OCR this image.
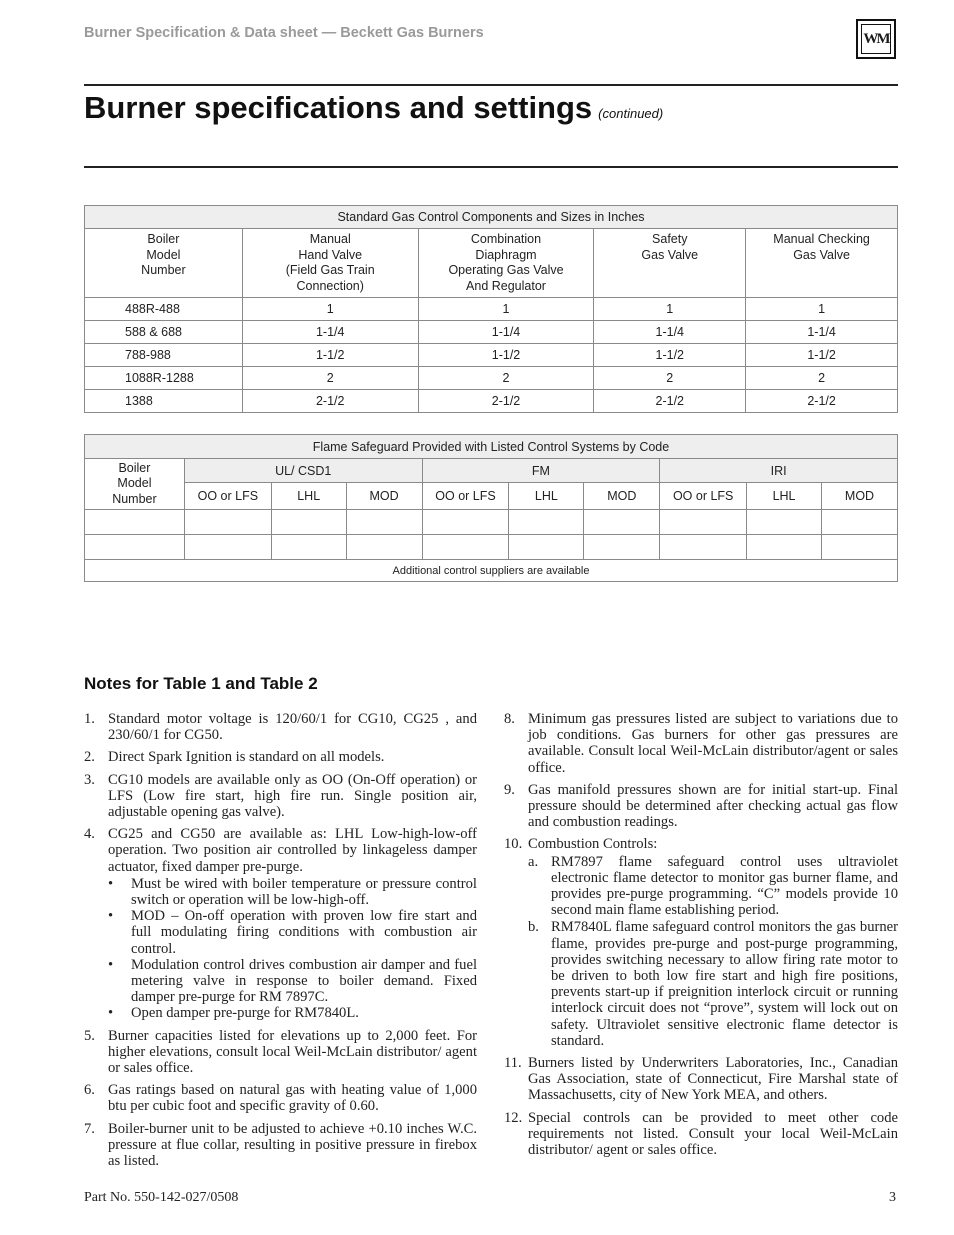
Burner Specification & Data sheet — Beckett Gas Burners	WM
Burner specifications and settings (continued)
Standard Gas Control Components and Sizes in Inches				
Boiler
Model
Number	Manual
Hand Valve
(Field Gas Train
Connection)	Combination
Diaphragm
Operating Gas Valve
And Regulator	Safety
Gas Valve	Manual Checking
Gas Valve
488R-488	1	1	1	1
588 & 688	1-1/4	1-1/4	1-1/4	1-1/4
788-988	1-1/2	1-1/2	1-1/2	1-1/2
1088R-1288	2	2	2	2
1388	2-1/2	2-1/2	2-1/2	2-1/2
Flame Safeguard Provided with Listed Control Systems by Code									
Boiler
Model
Number	UL/ CSD1			FM			IRI		
	OO or LFS	LHL	MOD	OO or LFS	LHL	MOD	OO or LFS	LHL	MOD

Additional control suppliers are available									
Notes for Table 1 and Table 2
1. Standard motor voltage is 120/60/1 for CG10, CG25 , and 230/60/1 for CG50.
2. Direct Spark Ignition is standard on all models.
3. CG10 models are available only as OO (On-Off operation) or LFS (Low fire start, high fire run. Single position air, adjustable opening gas valve).
4. CG25 and CG50 are available as: LHL Low-high-low-off operation. Two position air controlled by linkageless damper actuator, fixed damper pre-purge.
• Must be wired with boiler temperature or pressure control switch or operation will be low-high-off.
• MOD – On-off operation with proven low fire start and full modulating firing conditions with combustion air control.
• Modulation control drives combustion air damper and fuel metering valve in response to boiler demand. Fixed damper pre-purge for RM 7897C.
• Open damper pre-purge for RM7840L.
5. Burner capacities listed for elevations up to 2,000 feet. For higher elevations, consult local Weil-McLain distributor/ agent or sales office.
6. Gas ratings based on natural gas with heating value of 1,000 btu per cubic foot and specific gravity of 0.60.
7. Boiler-burner unit to be adjusted to achieve +0.10 inches W.C. pressure at flue collar, resulting in positive pressure in firebox as listed.
8. Minimum gas pressures listed are subject to variations due to job conditions. Gas burners for other gas pressures are available. Consult local Weil-McLain distributor/agent or sales office.
9. Gas manifold pressures shown are for initial start-up. Final pressure should be determined after checking actual gas flow and combustion readings.
10. Combustion Controls:
a. RM7897 flame safeguard control uses ultraviolet electronic flame detector to monitor gas burner flame, and provides pre-purge programming. “C” models provide 10 second main flame establishing period.
b. RM7840L flame safeguard control monitors the gas burner flame, provides pre-purge and post-purge programming, provides switching necessary to allow firing rate motor to be driven to both low fire start and high fire positions, prevents start-up if preignition interlock circuit or running interlock circuit does not “prove”, system will lock out on safety. Ultraviolet sensitive electronic flame detector is standard.
11. Burners listed by Underwriters Laboratories, Inc., Canadian Gas Association, state of Connecticut, Fire Marshal state of Massachusetts, city of New York MEA, and others.
12. Special controls can be provided to meet other code requirements not listed. Consult your local Weil-McLain distributor/ agent or sales office.
Part No. 550-142-027/0508	3
